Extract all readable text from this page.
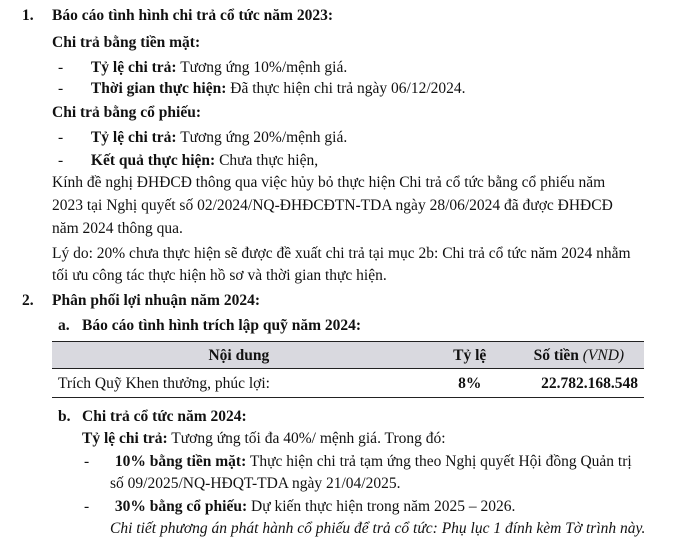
1. Báo cáo tình hình chi trả cổ tức năm 2023:
Chi trả bằng tiền mặt:
- Tỷ lệ chi trả: Tương ứng 10%/mệnh giá.
- Thời gian thực hiện: Đã thực hiện chi trả ngày 06/12/2024.
Chi trả bằng cổ phiếu:
- Tỷ lệ chi trả: Tương ứng 20%/mệnh giá.
- Kết quả thực hiện: Chưa thực hiện,
Kính đề nghị ĐHĐCĐ thông qua việc hủy bỏ thực hiện Chi trả cổ tức bằng cổ phiếu năm
2023 tại Nghị quyết số 02/2024/NQ-ĐHĐCĐTN-TDA ngày 28/06/2024 đã được ĐHĐCĐ
năm 2024 thông qua.
Lý do: 20% chưa thực hiện sẽ được đề xuất chi trả tại mục 2b: Chi trả cổ tức năm 2024 nhằm
tối ưu công tác thực hiện hồ sơ và thời gian thực hiện.
2. Phân phối lợi nhuận năm 2024:
a. Báo cáo tình hình trích lập quỹ năm 2024:
Nội dung	Tỷ lệ	Số tiền (VND)
Trích Quỹ Khen thưởng, phúc lợi:	8%	22.782.168.548
b. Chi trả cổ tức năm 2024:
Tỷ lệ chi trả: Tương ứng tối đa 40%/ mệnh giá. Trong đó:
- 10% bằng tiền mặt: Thực hiện chi trả tạm ứng theo Nghị quyết Hội đồng Quản trị
số 09/2025/NQ-HĐQT-TDA ngày 21/04/2025.
- 30% bằng cổ phiếu: Dự kiến thực hiện trong năm 2025 – 2026.
Chi tiết phương án phát hành cổ phiếu để trả cổ tức: Phụ lục 1 đính kèm Tờ trình này.
